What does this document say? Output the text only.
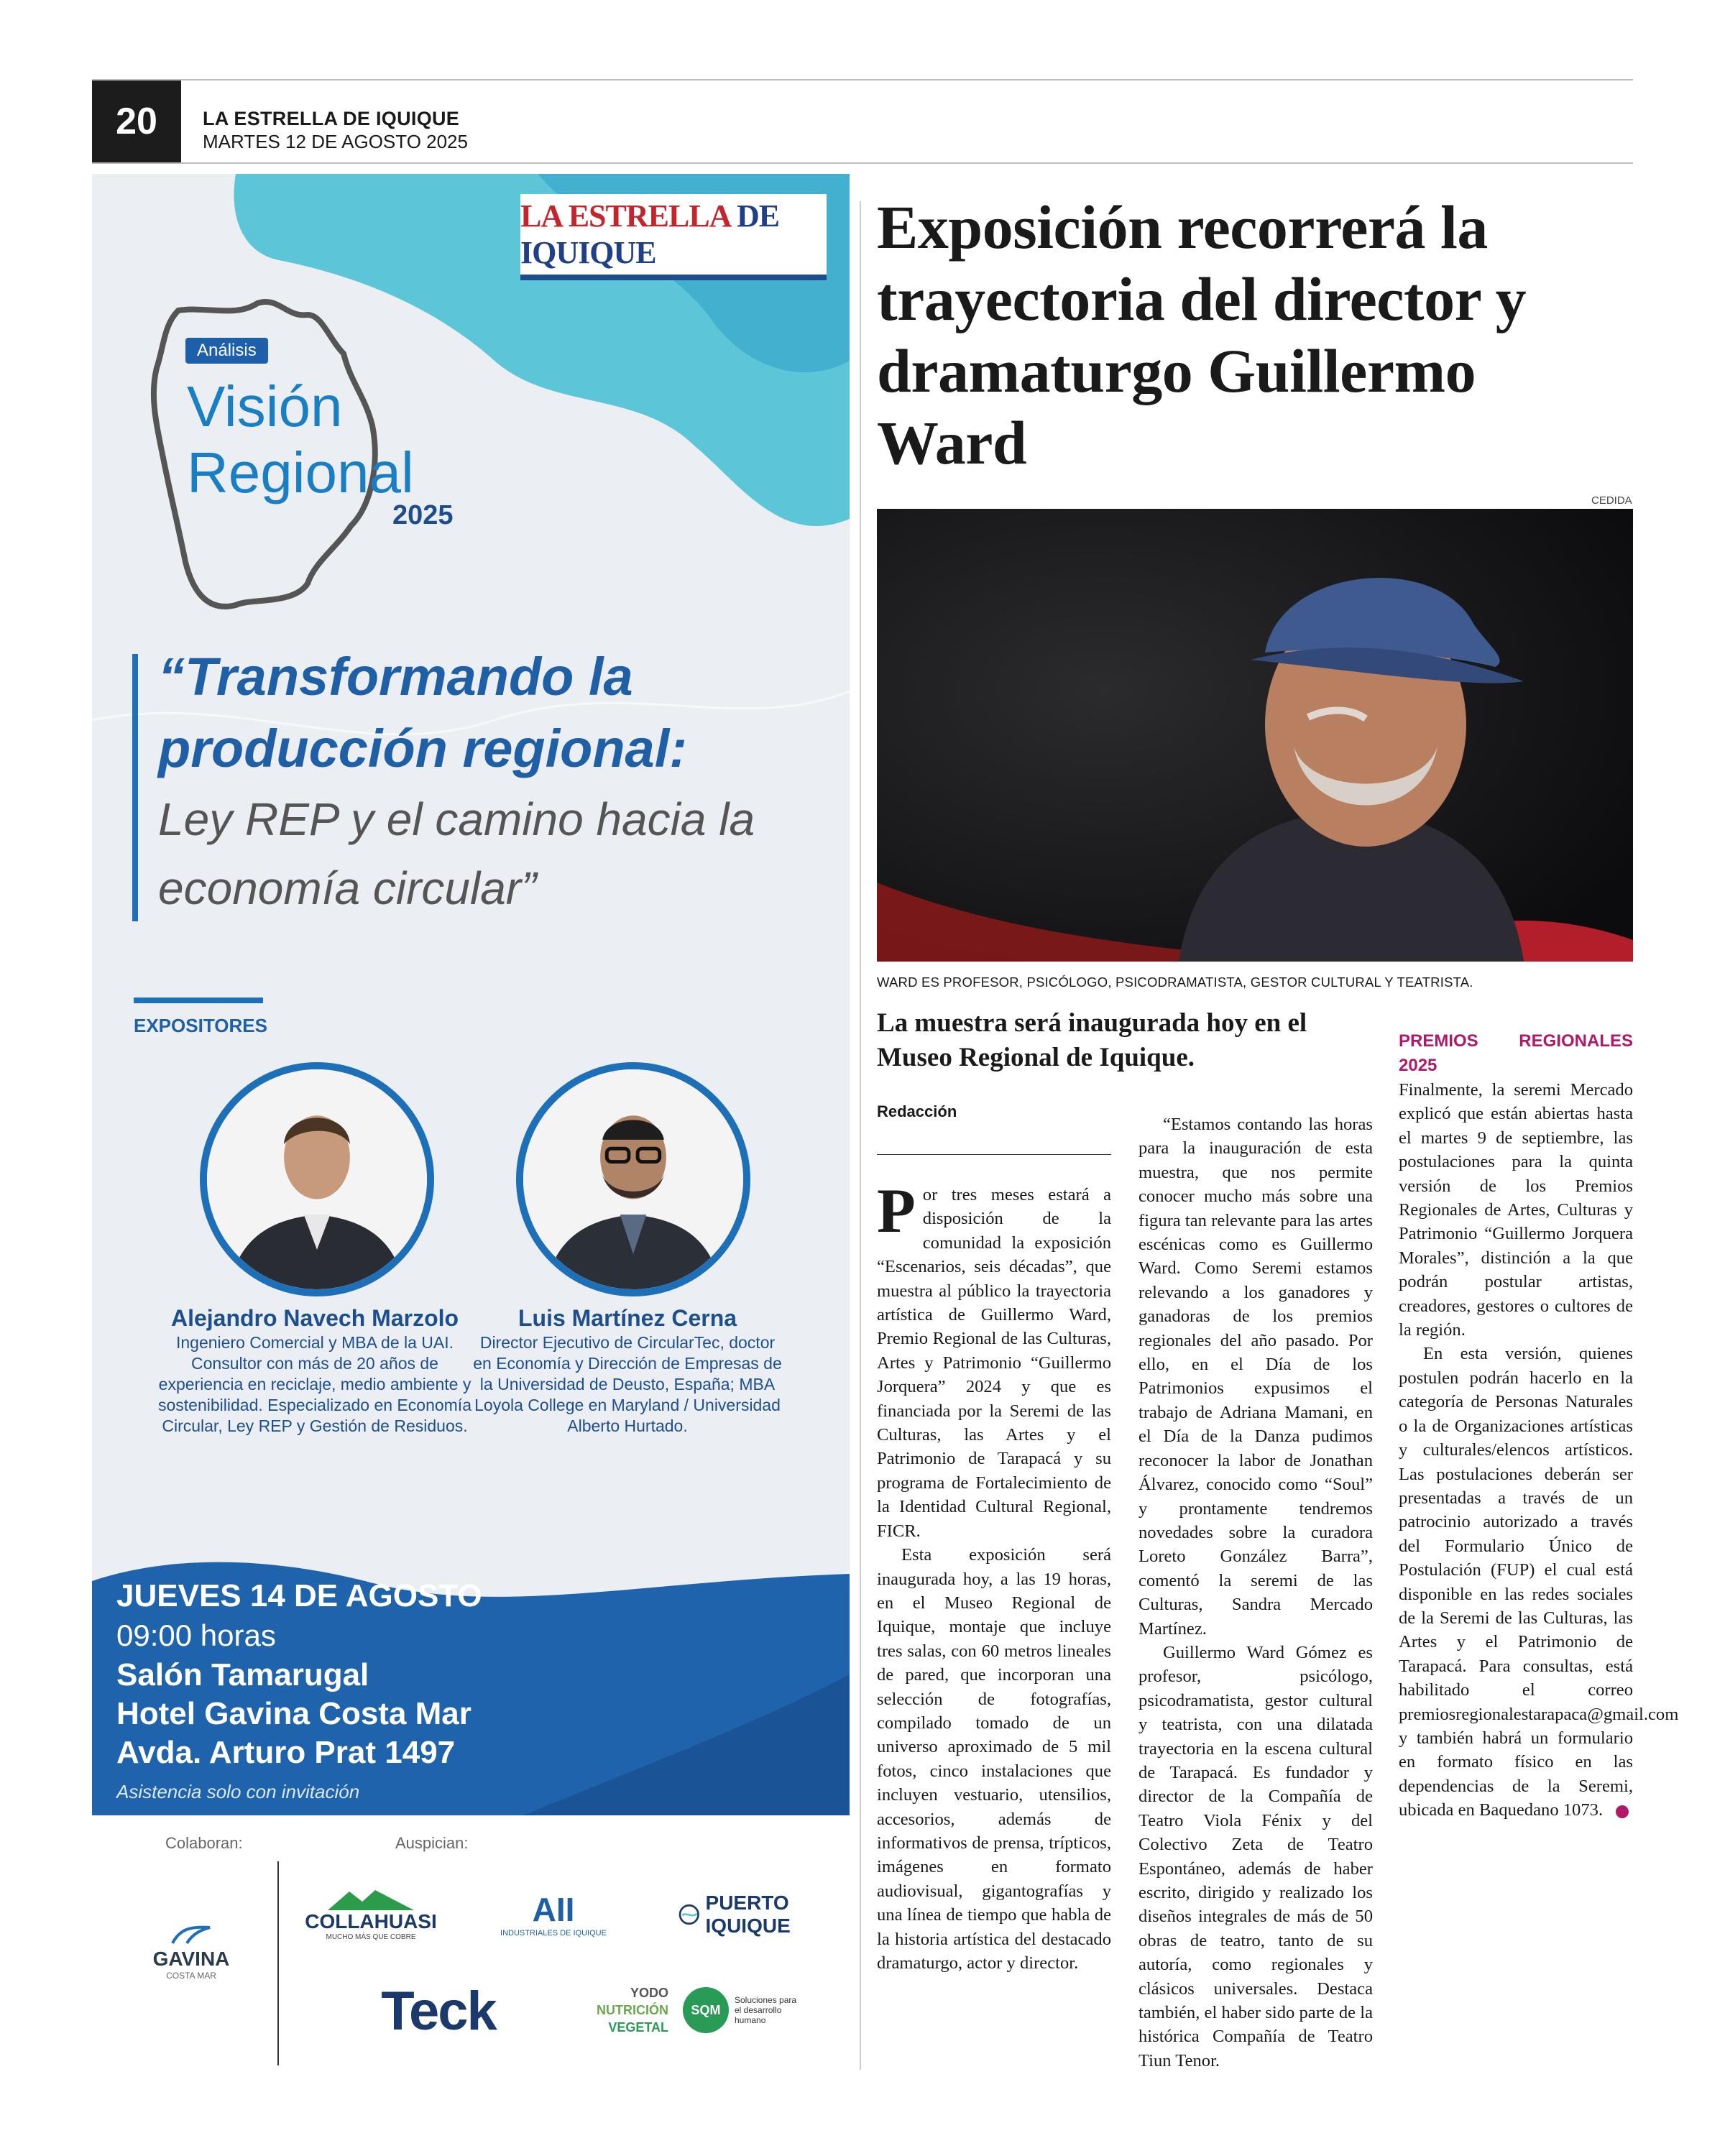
20	LA ESTRELLA DE IQUIQUE
MARTES 12 DE AGOSTO 2025
LA ESTRELLA DE IQUIQUE
Análisis
Visión
Regional
2025
“Transformando la producción regional:
Ley REP y el camino hacia la economía circular”
EXPOSITORES
Alejandro Navech Marzolo
Ingeniero Comercial y MBA de la UAI. Consultor con más de 20 años de experiencia en reciclaje, medio ambiente y sostenibilidad. Especializado en Economía Circular, Ley REP y Gestión de Residuos.
Luis Martínez Cerna
Director Ejecutivo de CircularTec, doctor en Economía y Dirección de Empresas de la Universidad de Deusto, España; MBA Loyola College en Maryland / Universidad Alberto Hurtado.
JUEVES 14 DE AGOSTO
09:00 horas
Salón Tamarugal
Hotel Gavina Costa Mar
Avda. Arturo Prat 1497
Asistencia solo con invitación
Colaboran:	Auspician:
GAVINA
COSTA MAR
COLLAHUASI
MUCHO MÁS QUE COBRE
AII
INDUSTRIALES DE IQUIQUE
PUERTO IQUIQUE
Teck	YODO
NUTRICIÓN
VEGETAL
SQM
Soluciones para el desarrollo humano
Exposición recorrerá la trayectoria del director y dramaturgo Guillermo Ward
CEDIDA
WARD ES PROFESOR, PSICÓLOGO, PSICODRAMATISTA, GESTOR CULTURAL Y TEATRISTA.
La muestra será inaugurada hoy en el Museo Regional de Iquique.
Redacción

Por tres meses estará a disposición de la comunidad la exposición “Escenarios, seis décadas”, que muestra al público la trayectoria artística de Guillermo Ward, Premio Regional de las Culturas, Artes y Patrimonio “Guillermo Jorquera” 2024 y que es financiada por la Seremi de las Culturas, las Artes y el Patrimonio de Tarapacá y su programa de Fortalecimiento de la Identidad Cultural Regional, FICR.

Esta exposición será inaugurada hoy, a las 19 horas, en el Museo Regional de Iquique, montaje que incluye tres salas, con 60 metros lineales de pared, que incorporan una selección de fotografías, compilado tomado de un universo aproximado de 5 mil fotos, cinco instalaciones que incluyen vestuario, utensilios, accesorios, además de informativos de prensa, trípticos, imágenes en formato audiovisual, gigantografías y una línea de tiempo que habla de la historia artística del destacado dramaturgo, actor y director.

“Estamos contando las horas para la inauguración de esta muestra, que nos permite conocer mucho más sobre una figura tan relevante para las artes escénicas como es Guillermo Ward. Como Seremi estamos relevando a los ganadores y ganadoras de los premios regionales del año pasado. Por ello, en el Día de los Patrimonios expusimos el trabajo de Adriana Mamani, en el Día de la Danza pudimos reconocer la labor de Jonathan Álvarez, conocido como “Soul” y prontamente tendremos novedades sobre la curadora Loreto González Barra”, comentó la seremi de las Culturas, Sandra Mercado Martínez.

Guillermo Ward Gómez es profesor, psicólogo, psicodramatista, gestor cultural y teatrista, con una dilatada trayectoria en la escena cultural de Tarapacá. Es fundador y director de la Compañía de Teatro Viola Fénix y del Colectivo Zeta de Teatro Espontáneo, además de haber escrito, dirigido y realizado los diseños integrales de más de 50 obras de teatro, tanto de su autoría, como regionales y clásicos universales. Destaca también, el haber sido parte de la histórica Compañía de Teatro Tiun Tenor.

PREMIOS REGIONALES 2025

Finalmente, la seremi Mercado explicó que están abiertas hasta el martes 9 de septiembre, las postulaciones para la quinta versión de los Premios Regionales de Artes, Culturas y Patrimonio “Guillermo Jorquera Morales”, distinción a la que podrán postular artistas, creadores, gestores o cultores de la región.

En esta versión, quienes postulen podrán hacerlo en la categoría de Personas Naturales o la de Organizaciones artísticas y culturales/elencos artísticos. Las postulaciones deberán ser presentadas a través de un patrocinio autorizado a través del Formulario Único de Postulación (FUP) el cual está disponible en las redes sociales de la Seremi de las Culturas, las Artes y el Patrimonio de Tarapacá. Para consultas, está habilitado el correo premiosregionalestarapaca@gmail.com y también habrá un formulario en formato físico en las dependencias de la Seremi, ubicada en Baquedano 1073.
